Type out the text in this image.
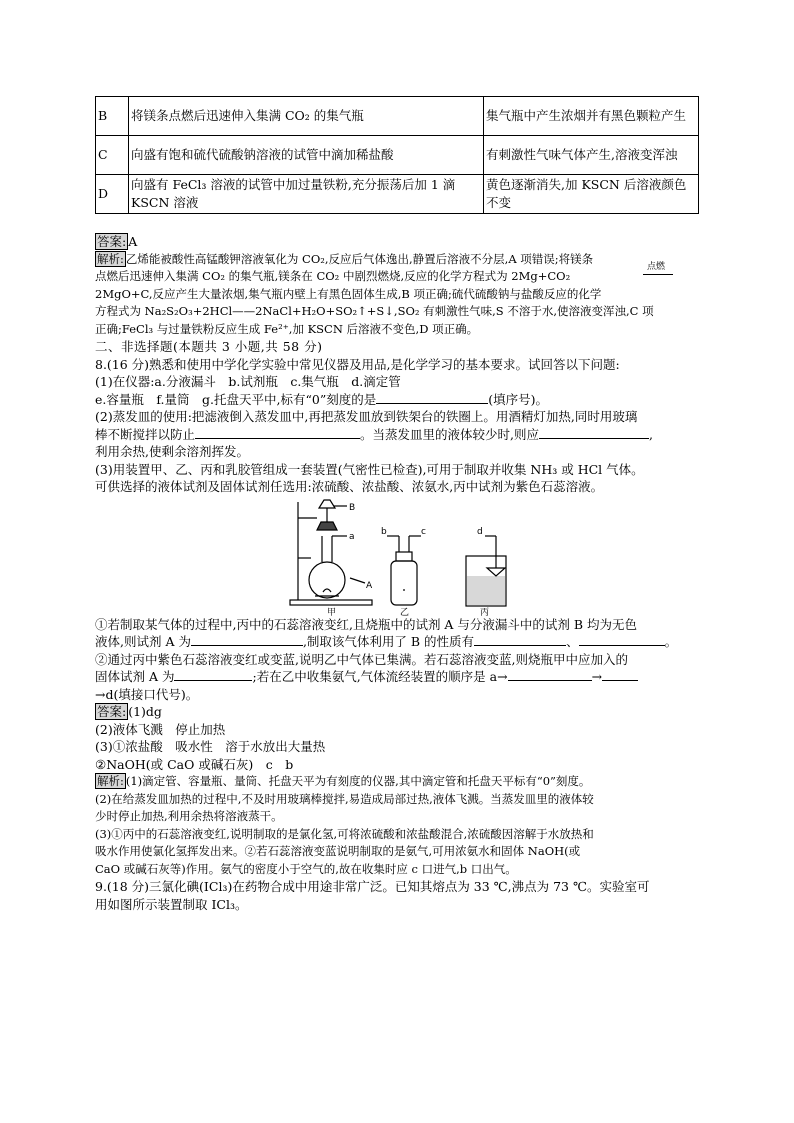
B	将镁条点燃后迅速伸入集满 CO₂ 的集气瓶	集气瓶中产生浓烟并有黑色颗粒产生
C	向盛有饱和硫代硫酸钠溶液的试管中滴加稀盐酸	有刺激性气味气体产生,溶液变浑浊
D	向盛有 FeCl₃ 溶液的试管中加过量铁粉,充分振荡后加 1 滴 KSCN 溶液	黄色逐渐消失,加 KSCN 后溶液颜色不变
答案: A
解析: 乙烯能被酸性高锰酸钾溶液氧化为 CO₂,反应后气体逸出,静置后溶液不分层,A 项错误;将镁条
点燃后迅速伸入集满 CO₂ 的集气瓶,镁条在 CO₂ 中剧烈燃烧,反应的化学方程式为 2Mg+CO₂
点燃
2MgO+C,反应产生大量浓烟,集气瓶内壁上有黑色固体生成,B 项正确;硫代硫酸钠与盐酸反应的化学
方程式为 Na₂S₂O₃+2HCl——2NaCl+H₂O+SO₂↑+S↓,SO₂ 有刺激性气味,S 不溶于水,使溶液变浑浊,C 项
正确;FeCl₃ 与过量铁粉反应生成 Fe²⁺,加 KSCN 后溶液不变色,D 项正确。
二、非选择题(本题共 3 小题,共 58 分)
8.(16 分)熟悉和使用中学化学实验中常见仪器及用品,是化学学习的基本要求。试回答以下问题:
(1)在仪器:a.分液漏斗　b.试剂瓶　c.集气瓶　d.滴定管
e.容量瓶　f.量筒　g.托盘天平中,标有“0”刻度的是	(填序号)。
(2)蒸发皿的使用:把滤液倒入蒸发皿中,再把蒸发皿放到铁架台的铁圈上。用酒精灯加热,同时用玻璃
棒不断搅拌以防止	。当蒸发皿里的液体较少时,则应	,
利用余热,使剩余溶剂挥发。
(3)用装置甲、乙、丙和乳胶管组成一套装置(气密性已检查),可用于制取并收集 NH₃ 或 HCl 气体。
可供选择的液体试剂及固体试剂任选用:浓硫酸、浓盐酸、浓氨水,丙中试剂为紫色石蕊溶液。
B
A
a
甲
b	c
乙
d
丙
①若制取某气体的过程中,丙中的石蕊溶液变红,且烧瓶中的试剂 A 与分液漏斗中的试剂 B 均为无色
液体,则试剂 A 为	,制取该气体利用了 B 的性质有	、	。
②通过丙中紫色石蕊溶液变红或变蓝,说明乙中气体已集满。若石蕊溶液变蓝,则烧瓶甲中应加入的
固体试剂 A 为	;若在乙中收集氨气,气体流经装置的顺序是 a→	→
→d(填接口代号)。
答案: (1)dg
(2)液体飞溅　停止加热
(3)①浓盐酸　吸水性　溶于水放出大量热
②NaOH(或 CaO 或碱石灰)　c　b
解析: (1)滴定管、容量瓶、量筒、托盘天平为有刻度的仪器,其中滴定管和托盘天平标有“0”刻度。
(2)在给蒸发皿加热的过程中,不及时用玻璃棒搅拌,易造成局部过热,液体飞溅。当蒸发皿里的液体较
少时停止加热,利用余热将溶液蒸干。
(3)①丙中的石蕊溶液变红,说明制取的是氯化氢,可将浓硫酸和浓盐酸混合,浓硫酸因溶解于水放热和
吸水作用使氯化氢挥发出来。②若石蕊溶液变蓝说明制取的是氨气,可用浓氨水和固体 NaOH(或
CaO 或碱石灰等)作用。氨气的密度小于空气的,故在收集时应 c 口进气,b 口出气。
9.(18 分)三氯化碘(ICl₃)在药物合成中用途非常广泛。已知其熔点为 33 ℃,沸点为 73 ℃。实验室可
用如图所示装置制取 ICl₃。
